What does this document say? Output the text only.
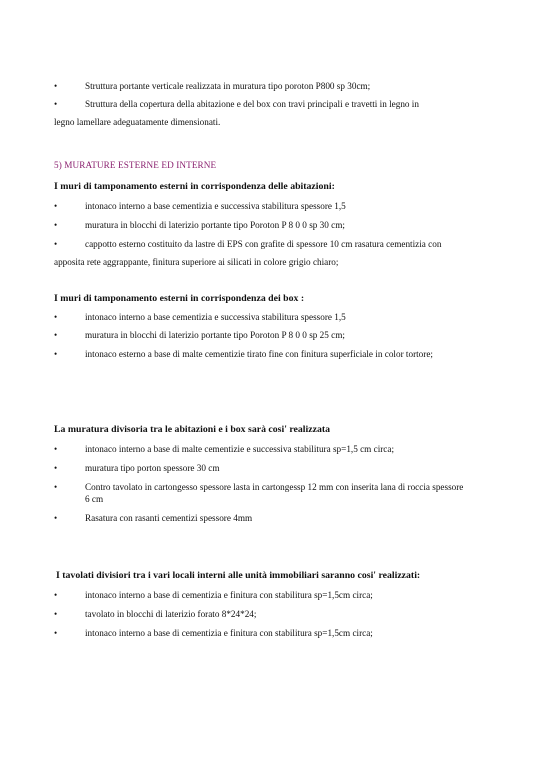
•	Struttura portante verticale realizzata in muratura tipo poroton P800 sp 30cm;
•	Struttura della copertura della abitazione e del box con travi principali e travetti in legno in
legno lamellare adeguatamente dimensionati.
5) MURATURE ESTERNE ED INTERNE
I muri di tamponamento esterni in corrispondenza delle abitazioni:
•	intonaco interno a base cementizia e successiva stabilitura spessore 1,5
•	muratura in blocchi di laterizio portante tipo Poroton P 8 0 0 sp 30 cm;
•	cappotto esterno costituito da lastre di EPS con grafite di spessore 10 cm rasatura cementizia con
apposita rete aggrappante, finitura superiore ai silicati in colore grigio chiaro;
I muri di tamponamento esterni in corrispondenza dei box :
•	intonaco interno a base cementizia e successiva stabilitura spessore 1,5
•	muratura in blocchi di laterizio portante tipo Poroton P 8 0 0 sp 25 cm;
•	intonaco esterno a base di malte cementizie tirato fine con finitura superficiale in color tortore;
La muratura divisoria tra le abitazioni e i box sarà cosi' realizzata
•	intonaco interno a base di malte cementizie e successiva stabilitura sp=1,5 cm circa;
•	muratura tipo porton spessore 30 cm
•	Contro tavolato in cartongesso spessore lasta in cartongessp 12 mm con inserita lana di roccia spessore
6 cm
•	Rasatura con rasanti cementizi spessore 4mm
I tavolati divisiori tra i vari locali interni alle unità immobiliari saranno cosi' realizzati:
•	intonaco interno a base di cementizia e finitura con stabilitura sp=1,5cm circa;
•	tavolato in blocchi di laterizio forato 8*24*24;
•	intonaco interno a base di cementizia e finitura con stabilitura sp=1,5cm circa;
